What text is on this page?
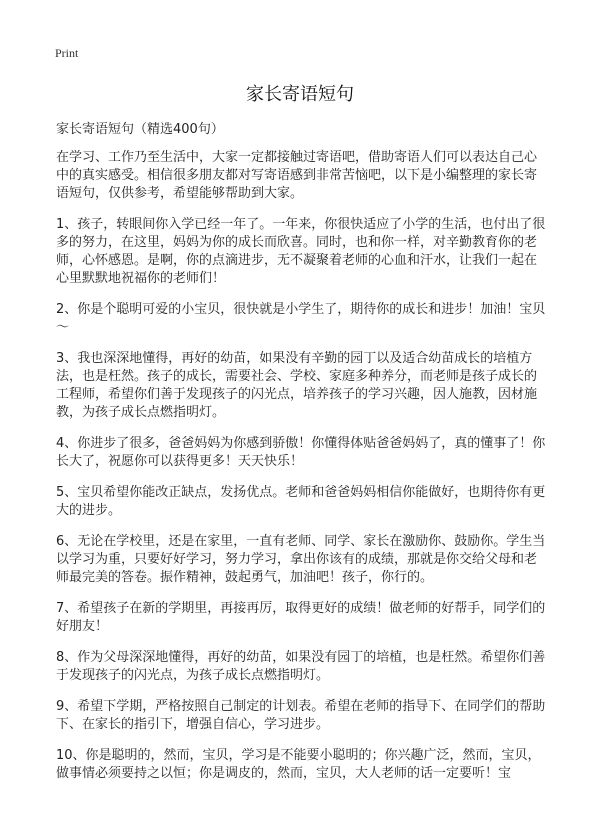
Print
家长寄语短句
家长寄语短句（精选400句）

在学习、工作乃至生活中，大家一定都接触过寄语吧，借助寄语人们可以表达自己心中的真实感受。相信很多朋友都对写寄语感到非常苦恼吧，以下是小编整理的家长寄语短句，仅供参考，希望能够帮助到大家。

1、孩子，转眼间你入学已经一年了。一年来，你很快适应了小学的生活，也付出了很多的努力，在这里，妈妈为你的成长而欣喜。同时，也和你一样，对辛勤教育你的老师，心怀感恩。是啊，你的点滴进步，无不凝聚着老师的心血和汗水，让我们一起在心里默默地祝福你的老师们！

2、你是个聪明可爱的小宝贝，很快就是小学生了，期待你的成长和进步！加油！宝贝～

3、我也深深地懂得，再好的幼苗，如果没有辛勤的园丁以及适合幼苗成长的培植方法，也是枉然。孩子的成长，需要社会、学校、家庭多种养分，而老师是孩子成长的工程师，希望你们善于发现孩子的闪光点，培养孩子的学习兴趣，因人施教，因材施教，为孩子成长点燃指明灯。

4、你进步了很多，爸爸妈妈为你感到骄傲！你懂得体贴爸爸妈妈了，真的懂事了！你长大了，祝愿你可以获得更多！天天快乐！

5、宝贝希望你能改正缺点，发扬优点。老师和爸爸妈妈相信你能做好，也期待你有更大的进步。

6、无论在学校里，还是在家里，一直有老师、同学、家长在激励你、鼓励你。学生当以学习为重，只要好好学习，努力学习，拿出你该有的成绩，那就是你交给父母和老师最完美的答卷。振作精神，鼓起勇气，加油吧！孩子，你行的。

7、希望孩子在新的学期里，再接再厉，取得更好的成绩！做老师的好帮手，同学们的好朋友！

8、作为父母深深地懂得，再好的幼苗，如果没有园丁的培植，也是枉然。希望你们善于发现孩子的闪光点，为孩子成长点燃指明灯。

9、希望下学期，严格按照自己制定的计划表。希望在老师的指导下、在同学们的帮助下、在家长的指引下，增强自信心，学习进步。

10、你是聪明的，然而，宝贝，学习是不能要小聪明的；你兴趣广泛，然而，宝贝，做事情必须要持之以恒；你是调皮的，然而，宝贝，大人老师的话一定要听！宝
